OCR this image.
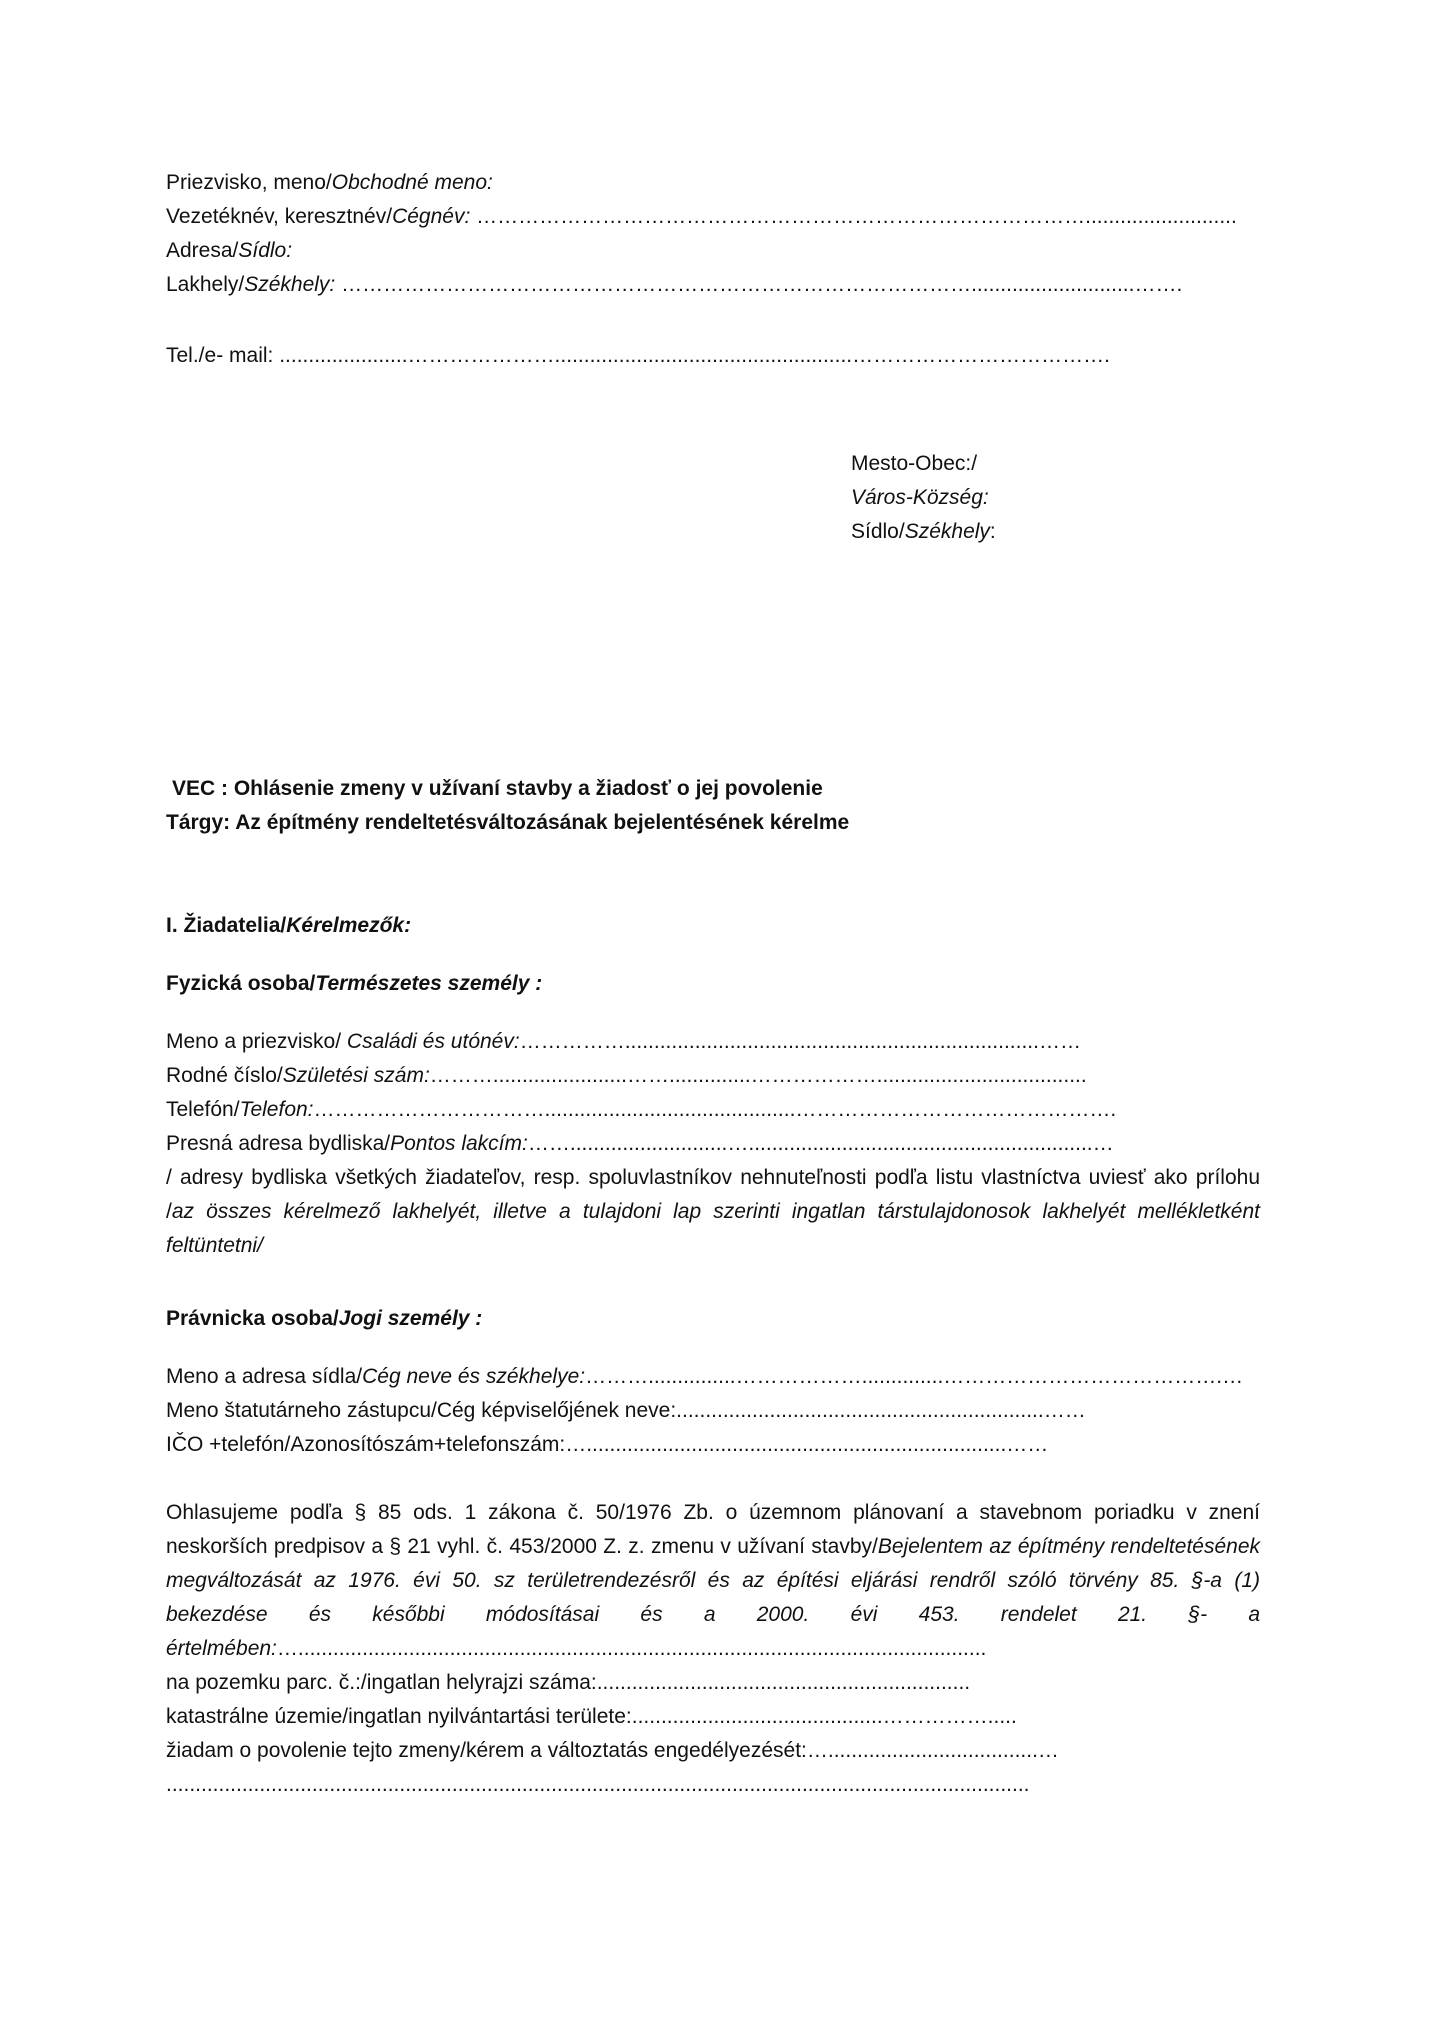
Priezvisko, meno/Obchodné meno:
Vezetéknév, keresztnév/Cégnév: ……………………………………………………………………………..........................
Adresa/Sídlo:
Lakhely/Székhely: ………………………………………………………………………………............................…….
Tel./e- mail: ......................…………………...................................................……………………………….
Mesto-Obec:/
Város-Község:
Sídlo/Székhely:
VEC : Ohlásenie zmeny v užívaní stavby a žiadosť o jej povolenie
Tárgy: Az építmény rendeltetésváltozásának bejelentésének kérelme
I. Žiadatelia/Kérelmezők:
Fyzická osoba/Természetes személy :
Meno a priezvisko/ Családi és utónév:…………….......................................................................……
Rodné číslo/Születési szám:……….......................……..............………………....................................
Telefón/Telefon:……………………………...........................................……………………………………….
Presná adresa bydliska/Pontos lakcím:……...........................…...........................................................…
/ adresy bydliska všetkých žiadateľov, resp. spoluvlastníkov nehnuteľnosti podľa listu vlastníctva uviesť ako prílohu /az összes kérelmező lakhelyét, illetve a tulajdoni lap szerinti ingatlan társtulajdonosok lakhelyét mellékletként feltüntetni/
Právnicka osoba/Jogi személy :
Meno a adresa sídla/Cég neve és székhelye:………...............………………..............………………………………….…
Meno štatutárneho zástupcu/Cég képviselőjének neve:...............................................................……
IČO +telefón/Azonosítószám+telefonszám:…........................................................................……
Ohlasujeme podľa § 85 ods. 1 zákona č. 50/1976 Zb. o územnom plánovaní a stavebnom poriadku v znení neskorších predpisov a § 21 vyhl. č. 453/2000 Z. z. zmenu v užívaní stavby/Bejelentem az építmény rendeltetésének megváltozását az 1976. évi 50. sz területrendezésről és az építési eljárási rendről szóló törvény 85. §-a (1) bekezdése és későbbi módosításai és a 2000. évi 453. rendelet 21. §- a értelmében:…......................................................................................................................
na pozemku parc. č.:/ingatlan helyrajzi száma:................................................................
katastrálne územie/ingatlan nyilvántartási területe:...........................................…………….....
žiadam o povolenie tejto zmeny/kérem a változtatás engedélyezését:…....................................…
....................................................................................................................................................
